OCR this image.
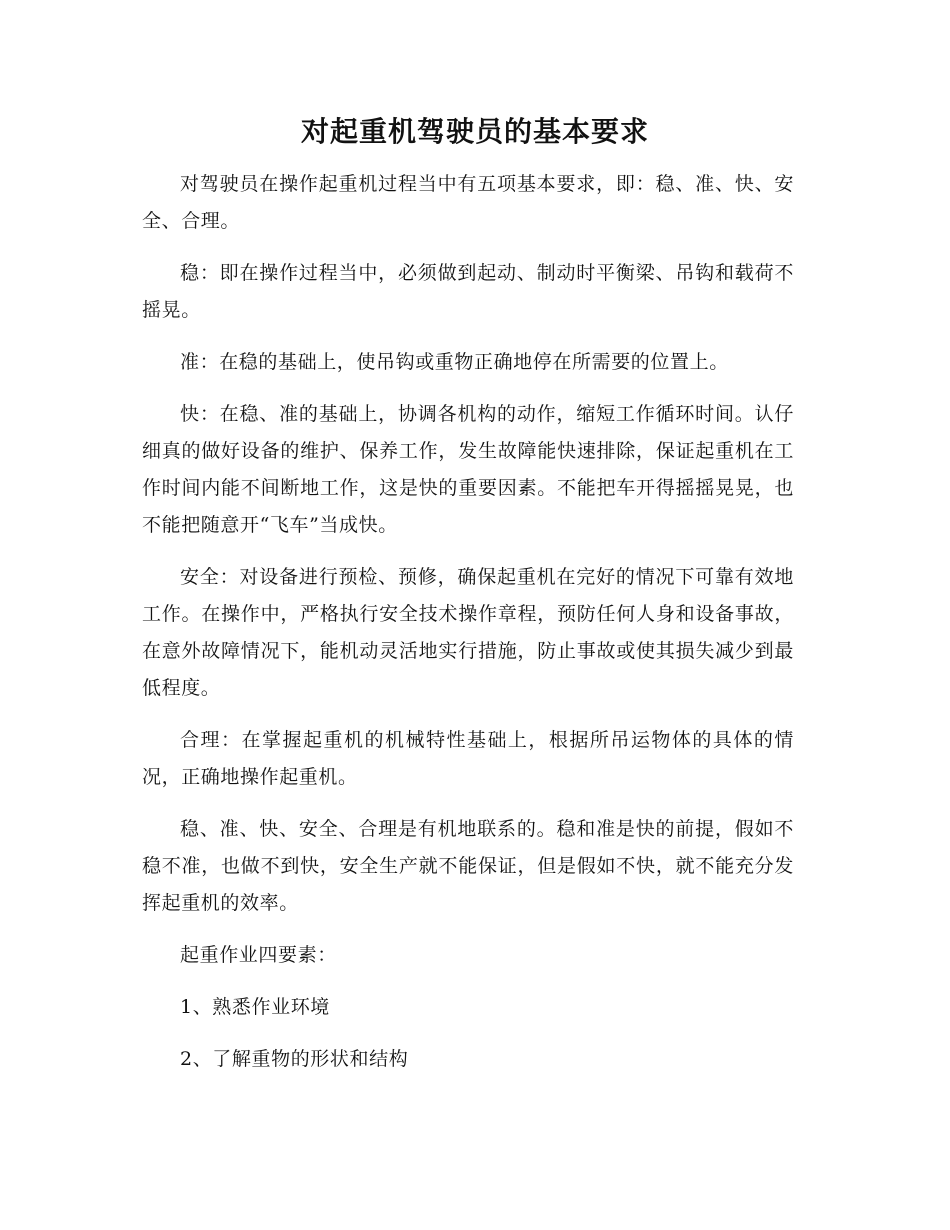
对起重机驾驶员的基本要求

对驾驶员在操作起重机过程当中有五项基本要求，即：稳、准、快、安全、合理。

稳：即在操作过程当中，必须做到起动、制动时平衡梁、吊钩和载荷不摇晃。

准：在稳的基础上，使吊钩或重物正确地停在所需要的位置上。

快：在稳、准的基础上，协调各机构的动作，缩短工作循环时间。认仔细真的做好设备的维护、保养工作，发生故障能快速排除，保证起重机在工作时间内能不间断地工作，这是快的重要因素。不能把车开得摇摇晃晃，也不能把随意开“飞车”当成快。

安全：对设备进行预检、预修，确保起重机在完好的情况下可靠有效地工作。在操作中，严格执行安全技术操作章程，预防任何人身和设备事故，在意外故障情况下，能机动灵活地实行措施，防止事故或使其损失减少到最低程度。

合理：在掌握起重机的机械特性基础上，根据所吊运物体的具体的情况，正确地操作起重机。

稳、准、快、安全、合理是有机地联系的。稳和准是快的前提，假如不稳不准，也做不到快，安全生产就不能保证，但是假如不快，就不能充分发挥起重机的效率。

起重作业四要素：

1、熟悉作业环境

2、了解重物的形状和结构
